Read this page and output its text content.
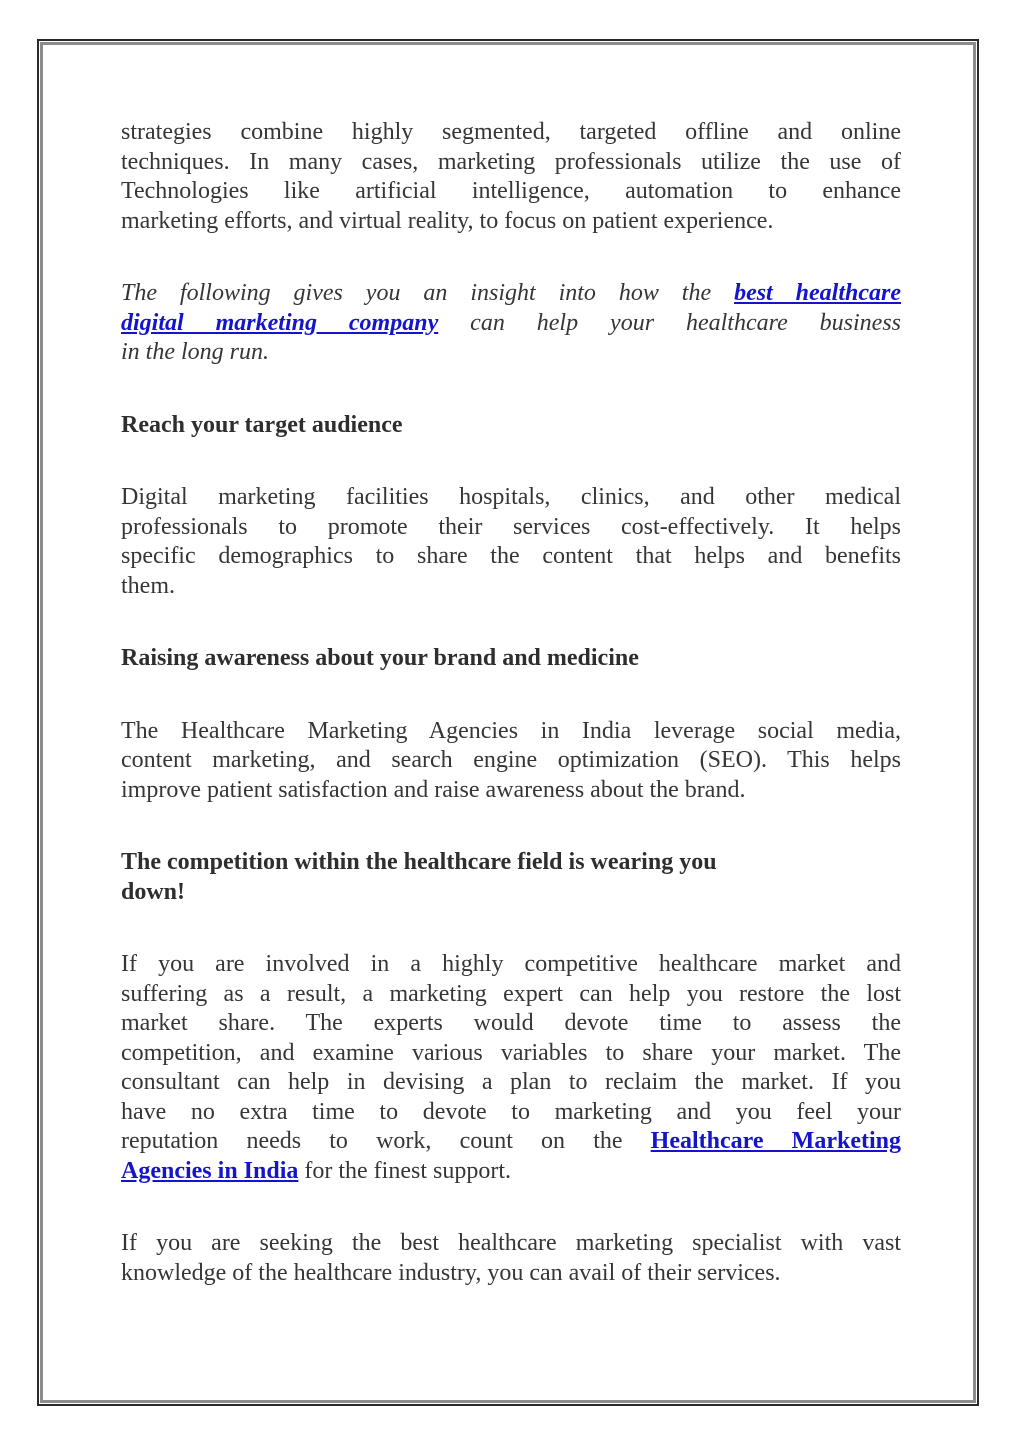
strategies combine highly segmented, targeted offline and online
techniques. In many cases, marketing professionals utilize the use of
Technologies like artificial intelligence, automation to enhance
marketing efforts, and virtual reality, to focus on patient experience.
The following gives you an insight into how the best healthcare
digital marketing company can help your healthcare business
in the long run.
Reach your target audience
Digital marketing facilities hospitals, clinics, and other medical
professionals to promote their services cost-effectively. It helps
specific demographics to share the content that helps and benefits
them.
Raising awareness about your brand and medicine
The Healthcare Marketing Agencies in India leverage social media,
content marketing, and search engine optimization (SEO). This helps
improve patient satisfaction and raise awareness about the brand.
The competition within the healthcare field is wearing you
down!
If you are involved in a highly competitive healthcare market and
suffering as a result, a marketing expert can help you restore the lost
market share. The experts would devote time to assess the
competition, and examine various variables to share your market. The
consultant can help in devising a plan to reclaim the market. If you
have no extra time to devote to marketing and you feel your
reputation needs to work, count on the Healthcare Marketing
Agencies in India for the finest support.
If you are seeking the best healthcare marketing specialist with vast
knowledge of the healthcare industry, you can avail of their services.
